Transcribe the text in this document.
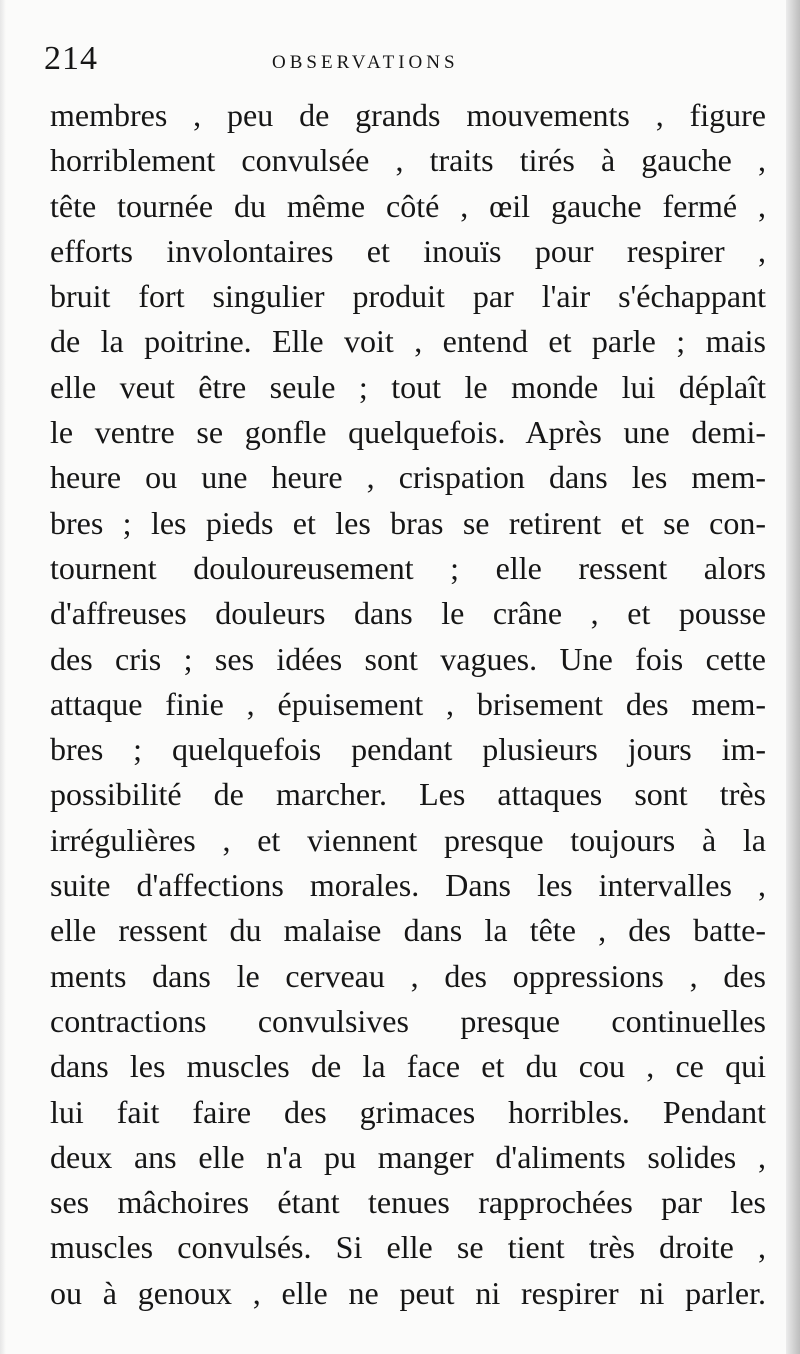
214	OBSERVATIONS
membres , peu de grands mouvements , figure
horriblement convulsée , traits tirés à gauche ,
tête tournée du même côté , œil gauche fermé ,
efforts involontaires et inouïs pour respirer ,
bruit fort singulier produit par l'air s'échappant
de la poitrine. Elle voit , entend et parle ; mais
elle veut être seule ; tout le monde lui déplaît
le ventre se gonfle quelquefois. Après une demi-
heure ou une heure , crispation dans les mem-
bres ; les pieds et les bras se retirent et se con-
tournent douloureusement ; elle ressent alors
d'affreuses douleurs dans le crâne , et pousse
des cris ; ses idées sont vagues. Une fois cette
attaque finie , épuisement , brisement des mem-
bres ; quelquefois pendant plusieurs jours im-
possibilité de marcher. Les attaques sont très
irrégulières , et viennent presque toujours à la
suite d'affections morales. Dans les intervalles ,
elle ressent du malaise dans la tête , des batte-
ments dans le cerveau , des oppressions , des
contractions convulsives presque continuelles
dans les muscles de la face et du cou , ce qui
lui fait faire des grimaces horribles. Pendant
deux ans elle n'a pu manger d'aliments solides ,
ses mâchoires étant tenues rapprochées par les
muscles convulsés. Si elle se tient très droite ,
ou à genoux , elle ne peut ni respirer ni parler.
